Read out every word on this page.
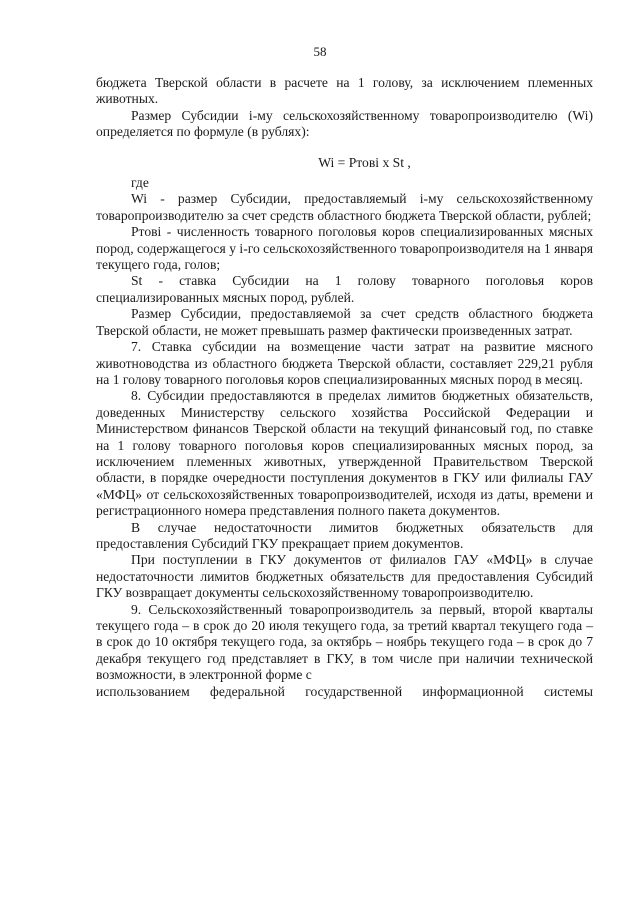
58

бюджета Тверской области в расчете на 1 голову, за исключением племенных животных.

Размер Субсидии i-му сельскохозяйственному товаропроизводителю (Wi) определяется по формуле (в рублях):

Wi = Ртовi x St ,

где

Wi - размер Субсидии, предоставляемый i-му сельскохозяйственному товаропроизводителю за счет средств областного бюджета Тверской области, рублей;

Ртовi - численность товарного поголовья коров специализированных мясных пород, содержащегося у i-го сельскохозяйственного товаропроизводителя на 1 января текущего года, голов;

St - ставка Субсидии на 1 голову товарного поголовья коров специализированных мясных пород, рублей.

Размер Субсидии, предоставляемой за счет средств областного бюджета Тверской области, не может превышать размер фактически произведенных затрат.

7. Ставка субсидии на возмещение части затрат на развитие мясного животноводства из областного бюджета Тверской области, составляет 229,21 рубля на 1 голову товарного поголовья коров специализированных мясных пород в месяц.

8. Субсидии предоставляются в пределах лимитов бюджетных обязательств, доведенных Министерству сельского хозяйства Российской Федерации и Министерством финансов Тверской области на текущий финансовый год, по ставке на 1 голову товарного поголовья коров специализированных мясных пород, за исключением племенных животных, утвержденной Правительством Тверской области, в порядке очередности поступления документов в ГКУ или филиалы ГАУ «МФЦ» от сельскохозяйственных товаропроизводителей, исходя из даты, времени и регистрационного номера представления полного пакета документов.

В случае недостаточности лимитов бюджетных обязательств для предоставления Субсидий ГКУ прекращает прием документов.

При поступлении в ГКУ документов от филиалов ГАУ «МФЦ» в случае недостаточности лимитов бюджетных обязательств для предоставления Субсидий ГКУ возвращает документы сельскохозяйственному товаропроизводителю.

9. Сельскохозяйственный товаропроизводитель за первый, второй кварталы текущего года – в срок до 20 июля текущего года, за третий квартал текущего года – в срок до 10 октября текущего года, за октябрь – ноябрь текущего года – в срок до 7 декабря текущего год представляет в ГКУ, в том числе при наличии технической возможности, в электронной форме с

использованием федеральной государственной информационной системы
